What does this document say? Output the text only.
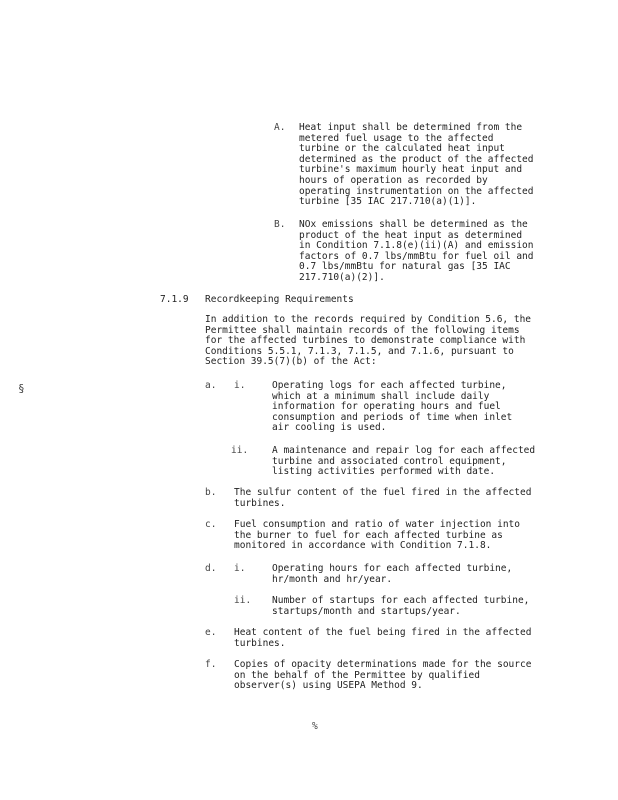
A. Heat input shall be determined from the
metered fuel usage to the affected
turbine or the calculated heat input
determined as the product of the affected
turbine's maximum hourly heat input and
hours of operation as recorded by
operating instrumentation on the affected
turbine [35 IAC 217.710(a)(1)].
B. NOx emissions shall be determined as the
product of the heat input as determined
in Condition 7.1.8(e)(ii)(A) and emission
factors of 0.7 lbs/mmBtu for fuel oil and
0.7 lbs/mmBtu for natural gas [35 IAC
217.710(a)(2)].
7.1.9 Recordkeeping Requirements
In addition to the records required by Condition 5.6, the
Permittee shall maintain records of the following items
for the affected turbines to demonstrate compliance with
Conditions 5.5.1, 7.1.3, 7.1.5, and 7.1.6, pursuant to
Section 39.5(7)(b) of the Act:
§	a. i.	Operating logs for each affected turbine,
which at a minimum shall include daily
information for operating hours and fuel
consumption and periods of time when inlet
air cooling is used.
ii.	A maintenance and repair log for each affected
turbine and associated control equipment,
listing activities performed with date.
b. The sulfur content of the fuel fired in the affected
turbines.
c. Fuel consumption and ratio of water injection into
the burner to fuel for each affected turbine as
monitored in accordance with Condition 7.1.8.
d. i.	Operating hours for each affected turbine,
hr/month and hr/year.
ii. Number of startups for each affected turbine,
startups/month and startups/year.
e. Heat content of the fuel being fired in the affected
turbines.
f. Copies of opacity determinations made for the source
on the behalf of the Permittee by qualified
observer(s) using USEPA Method 9.
%
